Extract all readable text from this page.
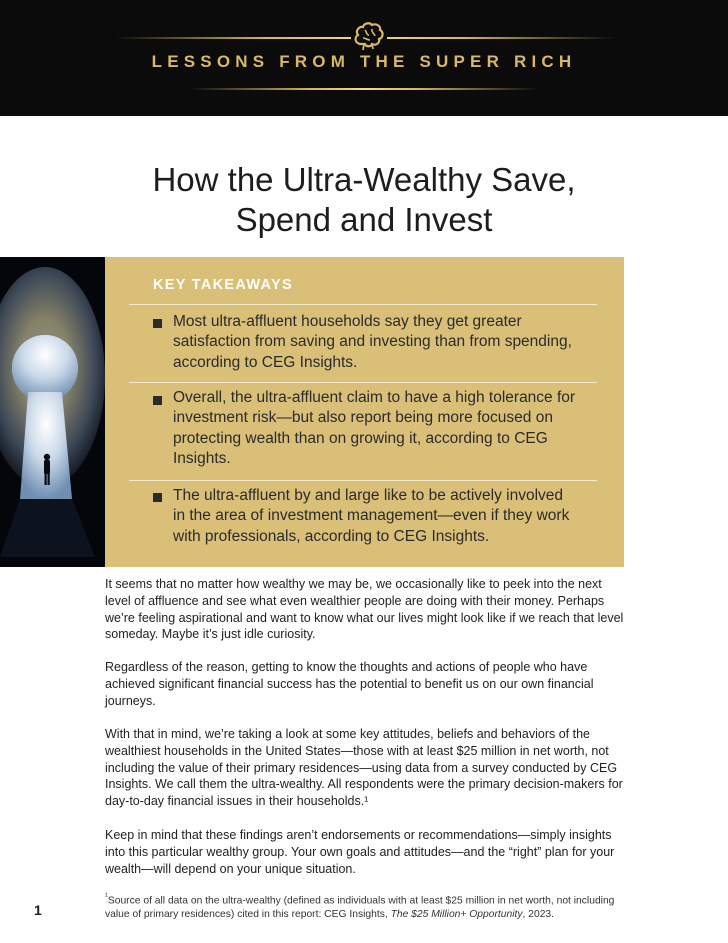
LESSONS FROM THE SUPER RICH
How the Ultra-Wealthy Save,
Spend and Invest
KEY TAKEAWAYS
Most ultra-affluent households say they get greater satisfaction from saving and investing than from spending, according to CEG Insights.
Overall, the ultra-affluent claim to have a high tolerance for investment risk—but also report being more focused on protecting wealth than on growing it, according to CEG Insights.
The ultra-affluent by and large like to be actively involved in the area of investment management—even if they work with professionals, according to CEG Insights.
It seems that no matter how wealthy we may be, we occasionally like to peek into the next level of affluence and see what even wealthier people are doing with their money. Perhaps we’re feeling aspirational and want to know what our lives might look like if we reach that level someday. Maybe it’s just idle curiosity.
Regardless of the reason, getting to know the thoughts and actions of people who have achieved significant financial success has the potential to benefit us on our own financial journeys.
With that in mind, we’re taking a look at some key attitudes, beliefs and behaviors of the wealthiest households in the United States—those with at least $25 million in net worth, not including the value of their primary residences—using data from a survey conducted by CEG Insights. We call them the ultra-wealthy. All respondents were the primary decision-makers for day-to-day financial issues in their households.¹
Keep in mind that these findings aren’t endorsements or recommendations—simply insights into this particular wealthy group. Your own goals and attitudes—and the “right” plan for your wealth—will depend on your unique situation.
$^{^1}$Source of all data on the ultra-wealthy (defined as individuals with at least $25 million in net worth, not including value of primary residences) cited in this report: CEG Insights, The $25 Million+ Opportunity, 2023.
1
